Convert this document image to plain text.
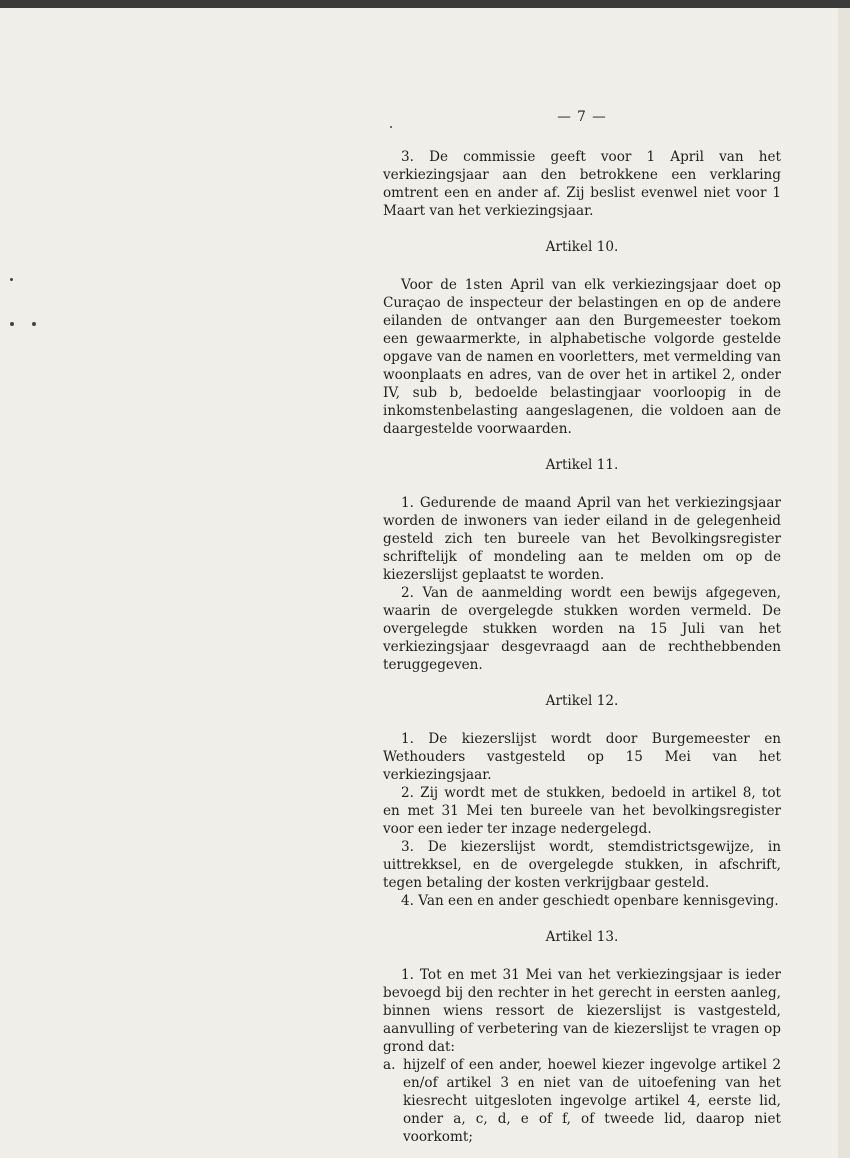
— 7 —

3. De commissie geeft voor 1 April van het verkiezingsjaar aan den betrokkene een verklaring omtrent een en ander af. Zij beslist evenwel niet voor 1 Maart van het verkiezingsjaar.

Artikel 10.

Voor de 1sten April van elk verkiezingsjaar doet op Curaçao de inspecteur der belastingen en op de andere eilanden de ontvanger aan den Burgemeester toekom een gewaarmerkte, in alphabetische volgorde gestelde opgave van de namen en voorletters, met vermelding van woonplaats en adres, van de over het in artikel 2, onder IV, sub b, bedoelde belastingjaar voorloopig in de inkomstenbelasting aangeslagenen, die voldoen aan de daargestelde voorwaarden.

Artikel 11.

1. Gedurende de maand April van het verkiezingsjaar worden de inwoners van ieder eiland in de gelegenheid gesteld zich ten bureele van het Bevolkingsregister schriftelijk of mondeling aan te melden om op de kiezerslijst geplaatst te worden.

2. Van de aanmelding wordt een bewijs afgegeven, waarin de overgelegde stukken worden vermeld. De overgelegde stukken worden na 15 Juli van het verkiezingsjaar desgevraagd aan de rechthebbenden teruggegeven.

Artikel 12.

1. De kiezerslijst wordt door Burgemeester en Wethouders vastgesteld op 15 Mei van het verkiezingsjaar.

2. Zij wordt met de stukken, bedoeld in artikel 8, tot en met 31 Mei ten bureele van het bevolkingsregister voor een ieder ter inzage nedergelegd.

3. De kiezerslijst wordt, stemdistrictsgewijze, in uittrekksel, en de overgelegde stukken, in afschrift, tegen betaling der kosten verkrijgbaar gesteld.

4. Van een en ander geschiedt openbare kennisgeving.

Artikel 13.

1. Tot en met 31 Mei van het verkiezingsjaar is ieder bevoegd bij den rechter in het gerecht in eersten aanleg, binnen wiens ressort de kiezerslijst is vastgesteld, aanvulling of verbetering van de kiezerslijst te vragen op grond dat:

a. hijzelf of een ander, hoewel kiezer ingevolge artikel 2 en/of artikel 3 en niet van de uitoefening van het kiesrecht uitgesloten ingevolge artikel 4, eerste lid, onder a, c, d, e of f, of tweede lid, daarop niet voorkomt;
